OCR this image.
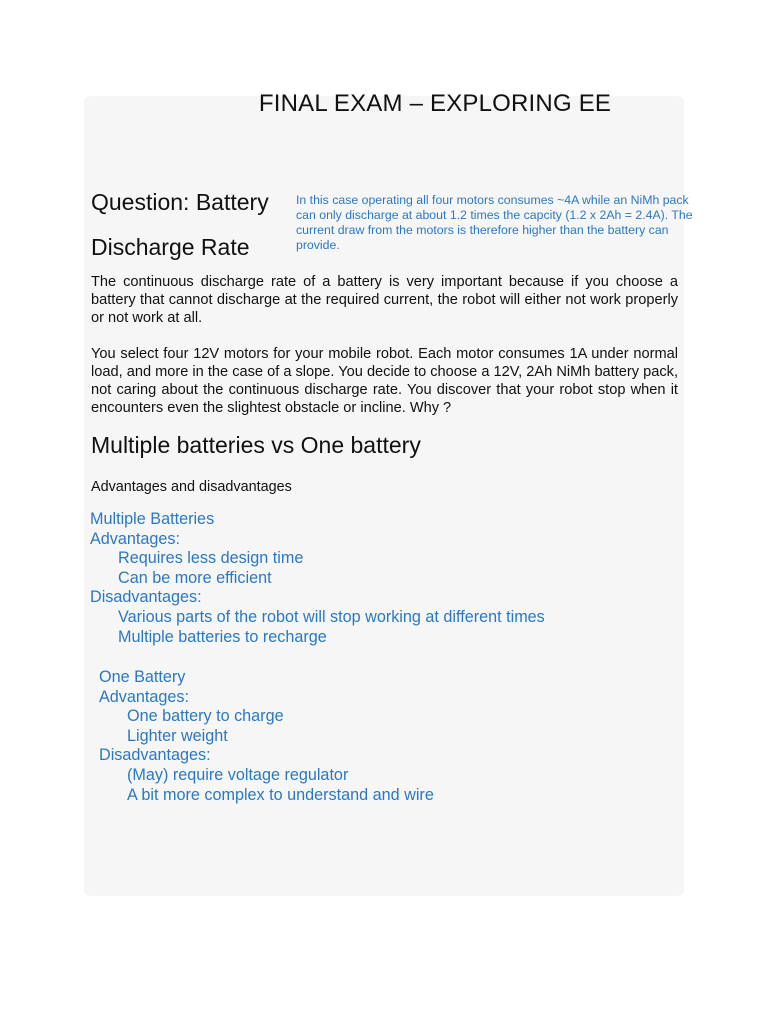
FINAL EXAM – EXPLORING EE
Question: Battery
Discharge Rate
In this case operating all four motors consumes ~4A while an NiMh pack can only discharge at about 1.2 times the capcity (1.2 x 2Ah = 2.4A). The current draw from the motors is therefore higher than the battery can provide.
The continuous discharge rate of a battery is very important because if you choose a battery that cannot discharge at the required current, the robot will either not work properly or not work at all.
You select four 12V motors for your mobile robot. Each motor consumes 1A under normal load, and more in the case of a slope. You decide to choose a 12V, 2Ah NiMh battery pack, not caring about the continuous discharge rate. You discover that your robot stop when it encounters even the slightest obstacle or incline. Why ?
Multiple batteries vs One battery
Advantages and disadvantages
Multiple Batteries
Advantages:
Requires less design time
Can be more efficient
Disadvantages:
Various parts of the robot will stop working at different times
Multiple batteries to recharge
One Battery
Advantages:
One battery to charge
Lighter weight
Disadvantages:
(May) require voltage regulator
A bit more complex to understand and wire
